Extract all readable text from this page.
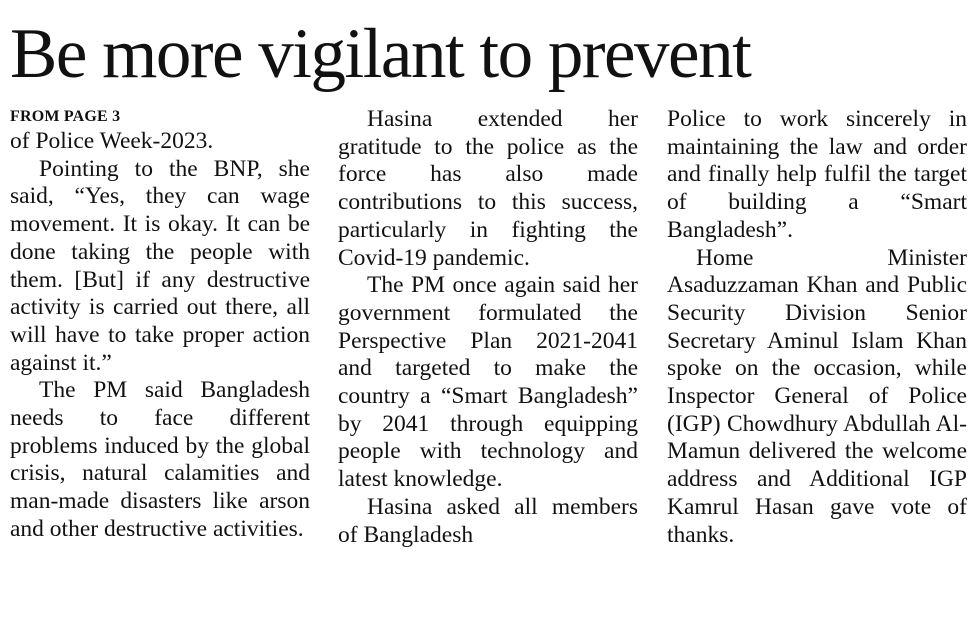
Be more vigilant to prevent
FROM PAGE 3

of Police Week-2023.

Pointing to the BNP, she said, “Yes, they can wage movement. It is okay. It can be done taking the people with them. [But] if any destructive activity is carried out there, all will have to take proper action against it.”

The PM said Bangladesh needs to face different problems induced by the global crisis, natural calamities and man-made disasters like arson and other destructive activities.

Hasina extended her gratitude to the police as the force has also made contributions to this success, particularly in fighting the Covid-19 pandemic.

The PM once again said her government formulated the Perspective Plan 2021-2041 and targeted to make the country a “Smart Bangladesh” by 2041 through equipping people with technology and latest knowledge.

Hasina asked all members of Bangladesh

Police to work sincerely in maintaining the law and order and finally help fulfil the target of building a “Smart Bangladesh”.

Home Minister Asaduzzaman Khan and Public Security Division Senior Secretary Aminul Islam Khan spoke on the occasion, while Inspector General of Police (IGP) Chowdhury Abdullah Al-Mamun delivered the welcome address and Additional IGP Kamrul Hasan gave vote of thanks.
